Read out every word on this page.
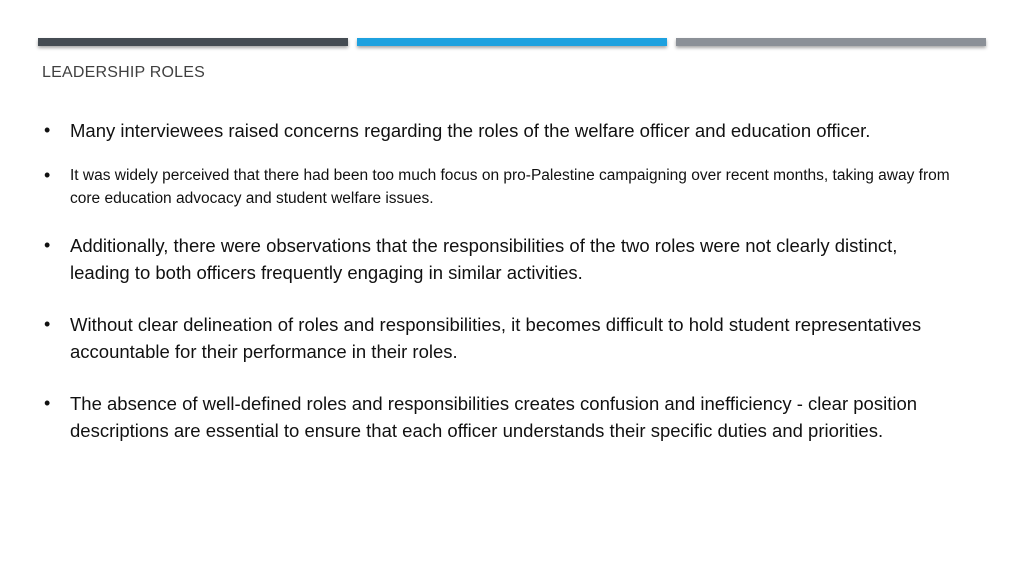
LEADERSHIP ROLES
• Many interviewees raised concerns regarding the roles of the welfare officer and education officer.
• It was widely perceived that there had been too much focus on pro-Palestine campaigning over recent months, taking away from core education advocacy and student welfare issues.
• Additionally, there were observations that the responsibilities of the two roles were not clearly distinct, leading to both officers frequently engaging in similar activities.
• Without clear delineation of roles and responsibilities, it becomes difficult to hold student representatives accountable for their performance in their roles.
• The absence of well-defined roles and responsibilities creates confusion and inefficiency - clear position descriptions are essential to ensure that each officer understands their specific duties and priorities.
